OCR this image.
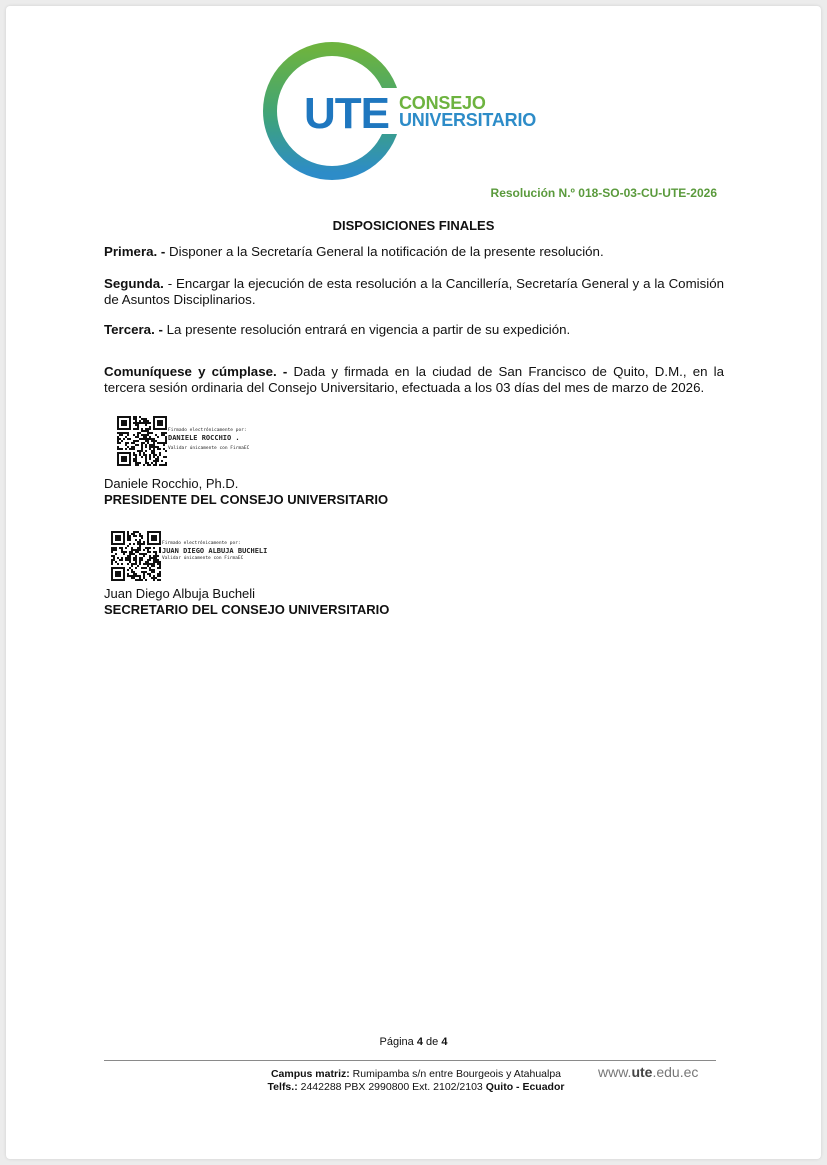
UTE CONSEJO
UNIVERSITARIO
Resolución N.º 018-SO-03-CU-UTE-2026
DISPOSICIONES FINALES
Primera. - Disponer a la Secretaría General la notificación de la presente resolución.
Segunda. - Encargar la ejecución de esta resolución a la Cancillería, Secretaría General y a la Comisión de Asuntos Disciplinarios.
Tercera. - La presente resolución entrará en vigencia a partir de su expedición.
Comuníquese y cúmplase. - Dada y firmada en la ciudad de San Francisco de Quito, D.M., en la tercera sesión ordinaria del Consejo Universitario, efectuada a los 03 días del mes de marzo de 2026.
Firmado electrónicamente por:
DANIELE ROCCHIO .
Validar únicamente con FirmaEC
Daniele Rocchio, Ph.D.
PRESIDENTE DEL CONSEJO UNIVERSITARIO
Firmado electrónicamente por:
JUAN DIEGO ALBUJA BUCHELI
Validar únicamente con FirmaEC
Juan Diego Albuja Bucheli
SECRETARIO DEL CONSEJO UNIVERSITARIO
Página 4 de 4
Campus matriz: Rumipamba s/n entre Bourgeois y Atahualpa
Telfs.: 2442288 PBX 2990800 Ext. 2102/2103 Quito - Ecuador
www.ute.edu.ec
